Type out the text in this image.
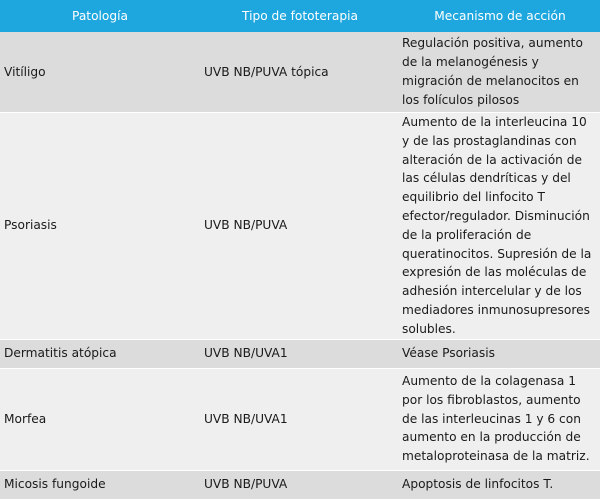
Patología	Tipo de fototerapia	Mecanismo de acción
Vitíligo	UVB NB/PUVA tópica	Regulación positiva, aumento de la melanogénesis y migración de melanocitos en los folículos pilosos
Psoriasis	UVB NB/PUVA	Aumento de la interleucina 10 y de las prostaglandinas con alteración de la activación de las células dendríticas y del equilibrio del linfocito T efector/regulador. Disminución de la proliferación de queratinocitos. Supresión de la expresión de las moléculas de adhesión intercelular y de los mediadores inmunosupresores solubles.
Dermatitis atópica	UVB NB/UVA1	Véase Psoriasis
Morfea	UVB NB/UVA1	Aumento de la colagenasa 1 por los fibroblastos, aumento de las interleucinas 1 y 6 con aumento en la producción de metaloproteinasa de la matriz.
Micosis fungoide	UVB NB/PUVA	Apoptosis de linfocitos T.
